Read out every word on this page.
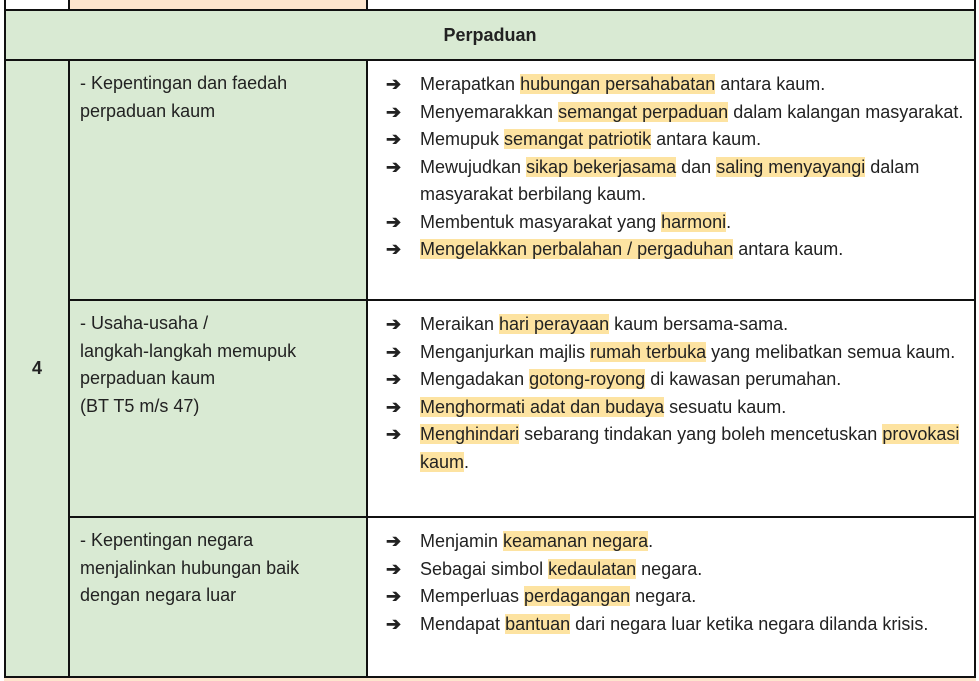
Perpaduan
4
- Kepentingan dan faedah
perpaduan kaum
➔ Merapatkan hubungan persahabatan antara kaum.
➔ Menyemarakkan semangat perpaduan dalam kalangan masyarakat.
➔ Memupuk semangat patriotik antara kaum.
➔ Mewujudkan sikap bekerjasama dan saling menyayangi dalam masyarakat berbilang kaum.
➔ Membentuk masyarakat yang harmoni.
➔ Mengelakkan perbalahan / pergaduhan antara kaum.
- Usaha-usaha /
langkah-langkah memupuk
perpaduan kaum
(BT T5 m/s 47)
➔ Meraikan hari perayaan kaum bersama-sama.
➔ Menganjurkan majlis rumah terbuka yang melibatkan semua kaum.
➔ Mengadakan gotong-royong di kawasan perumahan.
➔ Menghormati adat dan budaya sesuatu kaum.
➔ Menghindari sebarang tindakan yang boleh mencetuskan provokasi kaum.
- Kepentingan negara
menjalinkan hubungan baik
dengan negara luar
➔ Menjamin keamanan negara.
➔ Sebagai simbol kedaulatan negara.
➔ Memperluas perdagangan negara.
➔ Mendapat bantuan dari negara luar ketika negara dilanda krisis.
